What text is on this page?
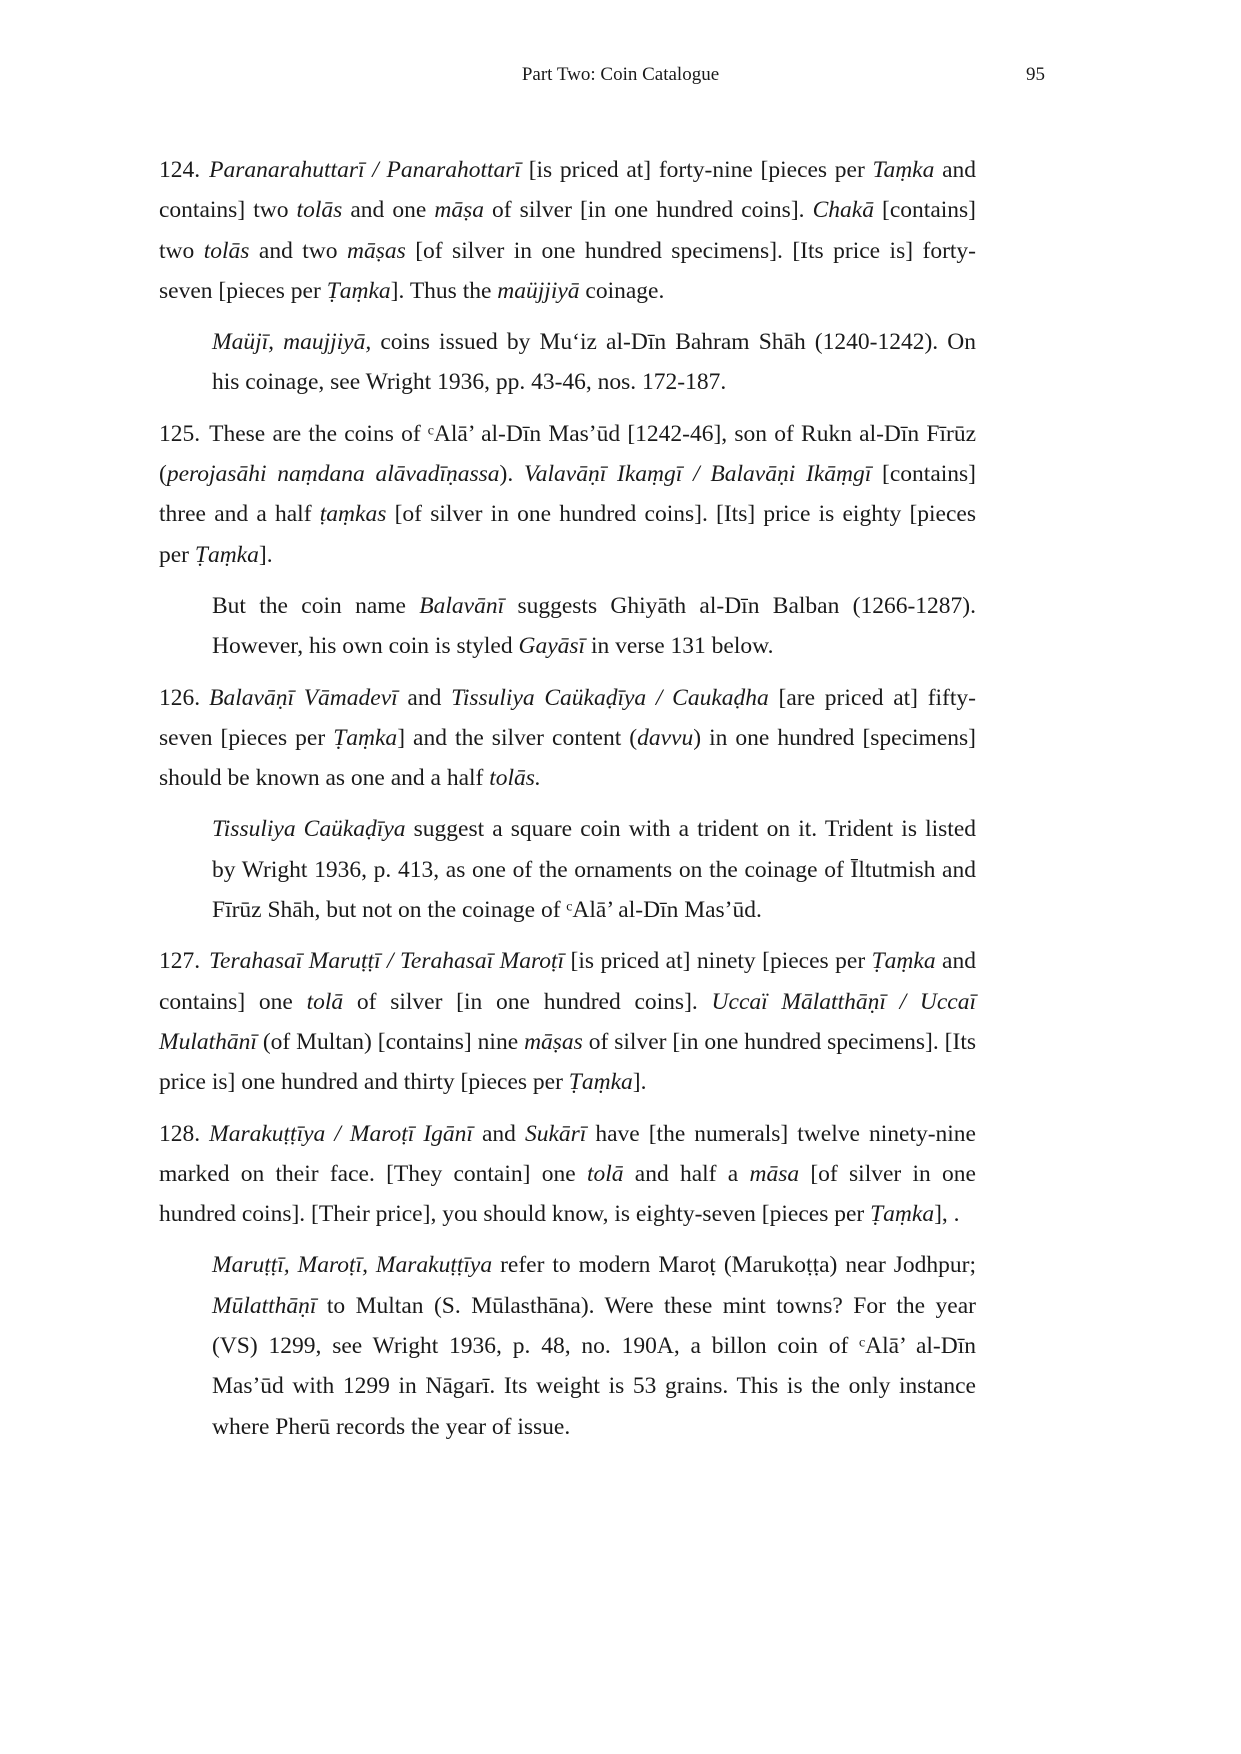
Part Two: Coin Catalogue	95

124. Paranarahuttarī / Panarahottarī [is priced at] forty-nine [pieces per Taṃka and contains] two tolās and one māṣa of silver [in one hundred coins]. Chakā [contains] two tolās and two māṣas [of silver in one hundred specimens]. [Its price is] forty-seven [pieces per Ṭaṃka]. Thus the maüjjiyā coinage.

Maüjī, maujjiyā, coins issued by Mu‘iz al-Dīn Bahram Shāh (1240-1242). On his coinage, see Wright 1936, pp. 43-46, nos. 172-187.

125. These are the coins of ᶜAlā’ al-Dīn Mas’ūd [1242-46], son of Rukn al-Dīn Fīrūz (perojasāhi naṃdana alāvadīṇassa). Valavāṇī Ikaṃgī / Balavāṇi Ikāṃgī [contains] three and a half ṭaṃkas [of silver in one hundred coins]. [Its] price is eighty [pieces per Ṭaṃka].

But the coin name Balavānī suggests Ghiyāth al-Dīn Balban (1266-1287). However, his own coin is styled Gayāsī in verse 131 below.

126. Balavāṇī Vāmadevī and Tissuliya Caükaḍīya / Caukaḍha [are priced at] fifty-seven [pieces per Ṭaṃka] and the silver content (davvu) in one hundred [specimens] should be known as one and a half tolās.

Tissuliya Caükaḍīya suggest a square coin with a trident on it. Trident is listed by Wright 1936, p. 413, as one of the ornaments on the coinage of Īltutmish and Fīrūz Shāh, but not on the coinage of ᶜAlā’ al-Dīn Mas’ūd.

127. Terahasaī Maruṭṭī / Terahasaī Maroṭī [is priced at] ninety [pieces per Ṭaṃka and contains] one tolā of silver [in one hundred coins]. Uccaï Mālatthāṇī / Uccaī Mulathānī (of Multan) [contains] nine māṣas of silver [in one hundred specimens]. [Its price is] one hundred and thirty [pieces per Ṭaṃka].

128. Marakuṭṭīya / Maroṭī Igānī and Sukārī have [the numerals] twelve ninety-nine marked on their face. [They contain] one tolā and half a māsa [of silver in one hundred coins]. [Their price], you should know, is eighty-seven [pieces per Ṭaṃka], .

Maruṭṭī, Maroṭī, Marakuṭṭīya refer to modern Maroṭ (Marukoṭṭa) near Jodhpur; Mūlatthāṇī to Multan (S. Mūlasthāna). Were these mint towns? For the year (VS) 1299, see Wright 1936, p. 48, no. 190A, a billon coin of ᶜAlā’ al-Dīn Mas’ūd with 1299 in Nāgarī. Its weight is 53 grains. This is the only instance where Pherū records the year of issue.
